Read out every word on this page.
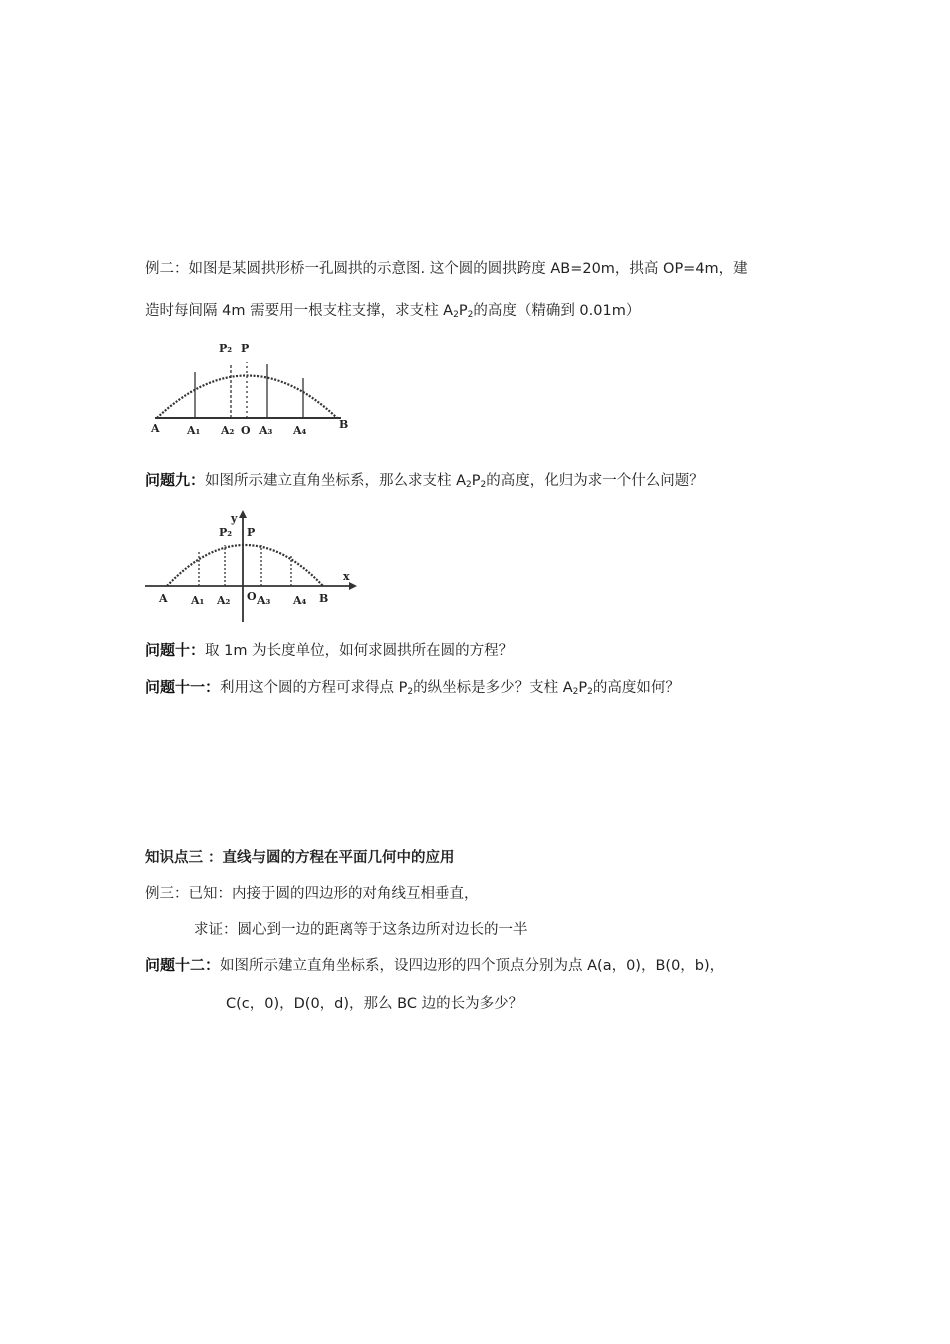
例二：如图是某圆拱形桥一孔圆拱的示意图. 这个圆的圆拱跨度 AB=20m，拱高 OP=4m，建
造时每间隔 4m 需要用一根支柱支撑，求支柱 $A_2P_2$的高度（精确到 0.01m）
P₂ P
A A₁ A₂ O A₃ A₄	B
问题九：如图所示建立直角坐标系，那么求支柱 $A_2P_2$的高度，化归为求一个什么问题？
y
x
P₂ P
A A₁ A₂ O A₃ A₄ B
问题十：取 1m 为长度单位，如何求圆拱所在圆的方程？
问题十一：利用这个圆的方程可求得点 $P_2$的纵坐标是多少？支柱 $A_2P_2$的高度如何？
知识点三 ：直线与圆的方程在平面几何中的应用
例三：已知：内接于圆的四边形的对角线互相垂直，
求证：圆心到一边的距离等于这条边所对边长的一半
问题十二：如图所示建立直角坐标系，设四边形的四个顶点分别为点 A(a，0)，B(0，b)，
C(c，0)，D(0，d)，那么 BC 边的长为多少？
